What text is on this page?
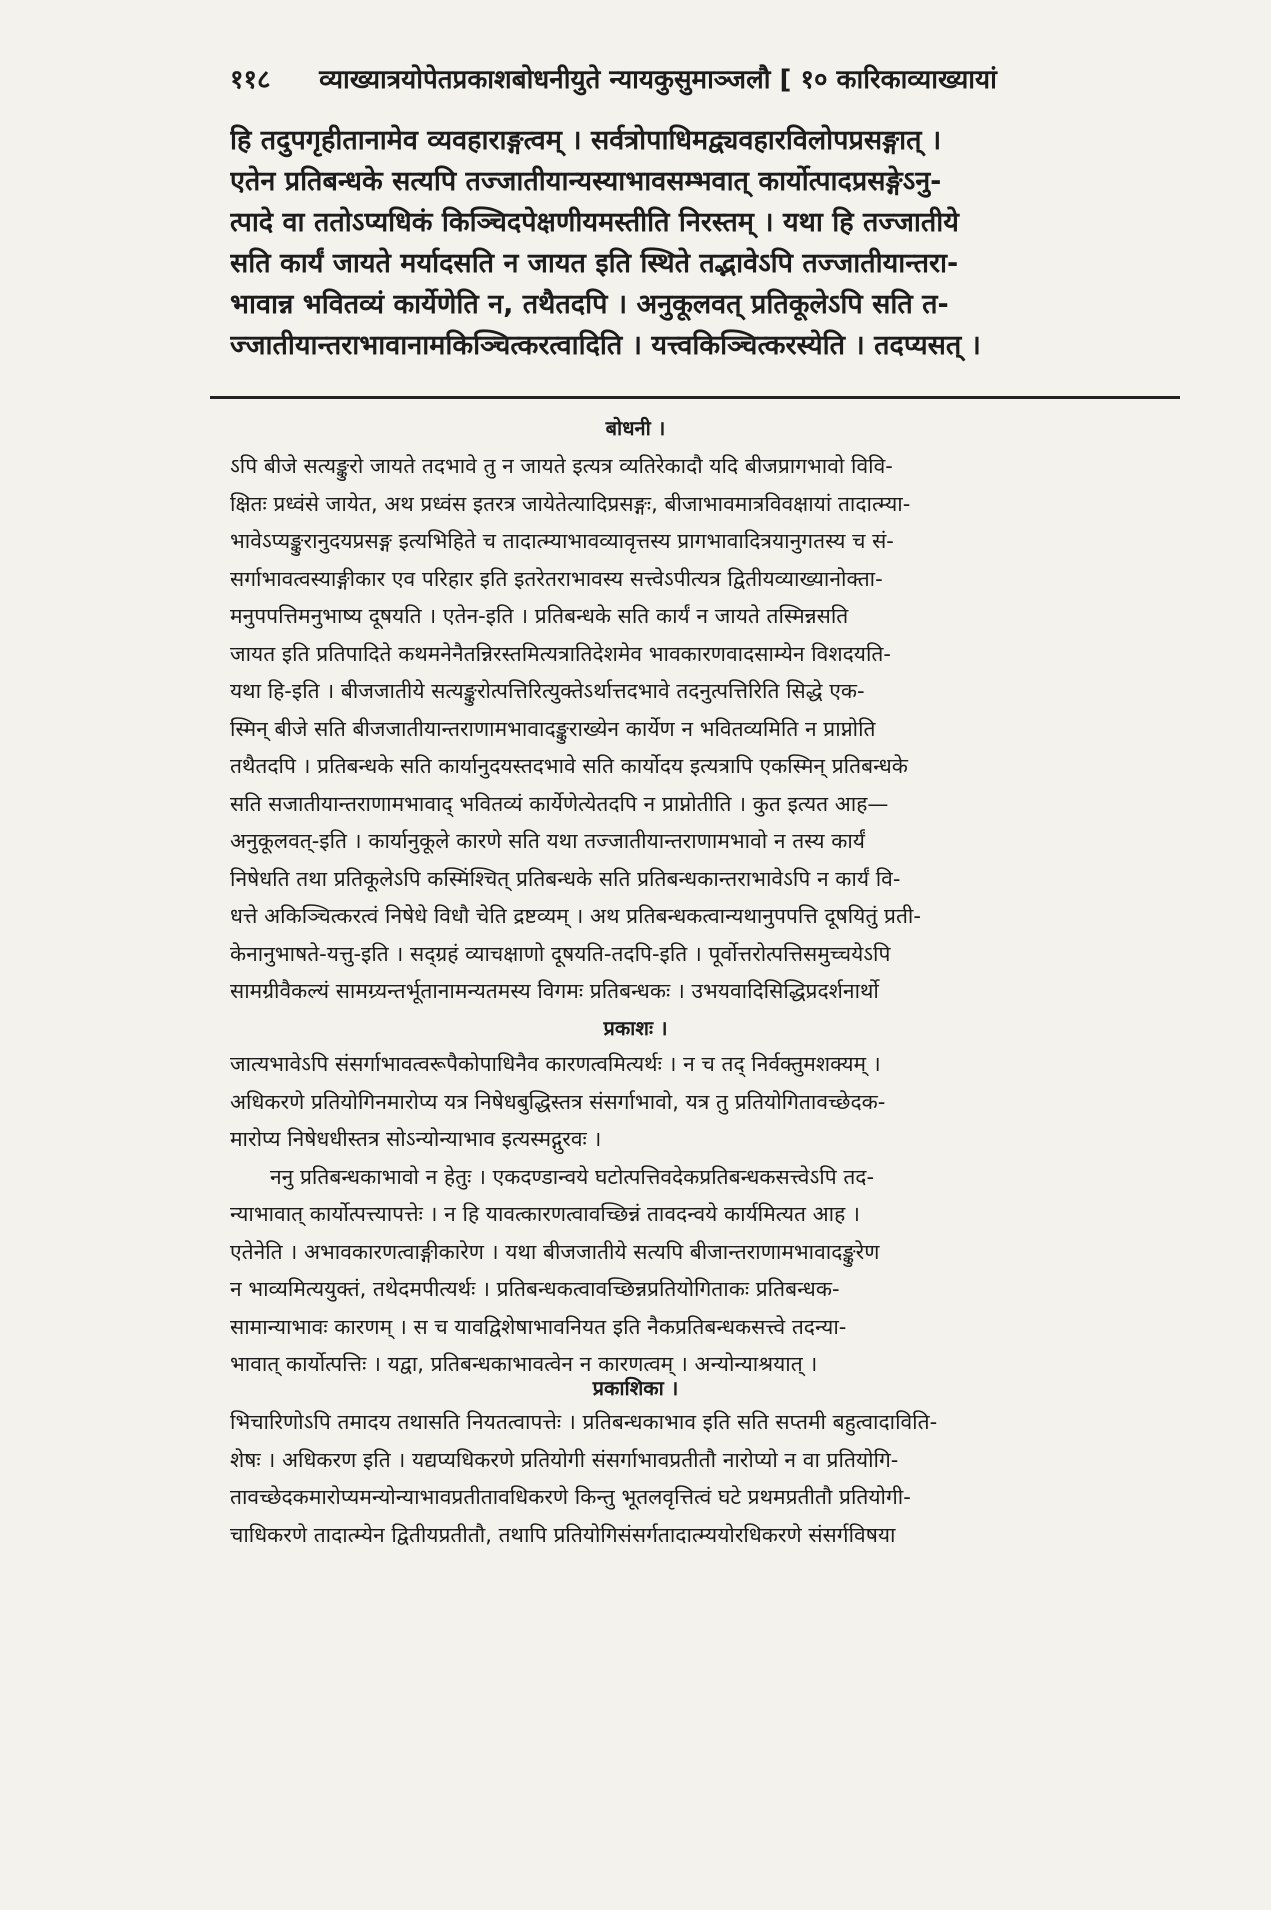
११८ व्याख्यात्रयोपेतप्रकाशबोधनीयुते न्यायकुसुमाञ्जलौ [ १० कारिकाव्याख्यायां

हि तदुपगृहीतानामेव व्यवहाराङ्गत्वम् । सर्वत्रोपाधिमद्व्यवहारविलोपप्रसङ्गात् ।

एतेन प्रतिबन्धके सत्यपि तज्जातीयान्यस्याभावसम्भवात् कार्योत्पादप्रसङ्गेऽनु-

त्पादे वा ततोऽप्यधिकं किञ्चिदपेक्षणीयमस्तीति निरस्तम् । यथा हि तज्जातीये

सति कार्यं जायते मर्यादसति न जायत इति स्थिते तद्भावेऽपि तज्जातीयान्तरा-

भावान्न भवितव्यं कार्येणेति न, तथैतदपि । अनुकूलवत् प्रतिकूलेऽपि सति त-

ज्जातीयान्तराभावानामकिञ्चित्करत्वादिति । यत्त्वकिञ्चित्करस्येति । तदप्यसत् ।

बोधनी ।

ऽपि बीजे सत्यङ्कुरो जायते तदभावे तु न जायते इत्यत्र व्यतिरेकादौ यदि बीजप्रागभावो विवि-

क्षितः प्रध्वंसे जायेत, अथ प्रध्वंस इतरत्र जायेतेत्यादिप्रसङ्गः, बीजाभावमात्रविवक्षायां तादात्म्या-

भावेऽप्यङ्कुरानुदयप्रसङ्ग इत्यभिहिते च तादात्म्याभावव्यावृत्तस्य प्रागभावादित्रयानुगतस्य च सं-

सर्गाभावत्वस्याङ्गीकार एव परिहार इति इतरेतराभावस्य सत्त्वेऽपीत्यत्र द्वितीयव्याख्यानोक्ता-

मनुपपत्तिमनुभाष्य दूषयति । एतेन-इति । प्रतिबन्धके सति कार्यं न जायते तस्मिन्नसति

जायत इति प्रतिपादिते कथमनेनैतन्निरस्तमित्यत्रातिदेशमेव भावकारणवादसाम्येन विशदयति-

यथा हि-इति । बीजजातीये सत्यङ्कुरोत्पत्तिरित्युक्तेऽर्थात्तदभावे तदनुत्पत्तिरिति सिद्धे एक-

स्मिन् बीजे सति बीजजातीयान्तराणामभावादङ्कुराख्येन कार्येण न भवितव्यमिति न प्राप्नोति

तथैतदपि । प्रतिबन्धके सति कार्यानुदयस्तदभावे सति कार्योदय इत्यत्रापि एकस्मिन् प्रतिबन्धके

सति सजातीयान्तराणामभावाद् भवितव्यं कार्येणेत्येतदपि न प्राप्नोतीति । कुत इत्यत आह—

अनुकूलवत्-इति । कार्यानुकूले कारणे सति यथा तज्जातीयान्तराणामभावो न तस्य कार्यं

निषेधति तथा प्रतिकूलेऽपि कस्मिंश्चित् प्रतिबन्धके सति प्रतिबन्धकान्तराभावेऽपि न कार्यं वि-

धत्ते अकिञ्चित्करत्वं निषेधे विधौ चेति द्रष्टव्यम् । अथ प्रतिबन्धकत्वान्यथानुपपत्ति दूषयितुं प्रती-

केनानुभाषते-यत्तु-इति । सद्ग्रहं व्याचक्षाणो दूषयति-तदपि-इति । पूर्वोत्तरोत्पत्तिसमुच्चयेऽपि

सामग्रीवैकल्यं सामग्र्यन्तर्भूतानामन्यतमस्य विगमः प्रतिबन्धकः । उभयवादिसिद्धिप्रदर्शनार्थो

प्रकाशः ।

जात्यभावेऽपि संसर्गाभावत्वरूपैकोपाधिनैव कारणत्वमित्यर्थः । न च तद् निर्वक्तुमशक्यम् ।

अधिकरणे प्रतियोगिनमारोप्य यत्र निषेधबुद्धिस्तत्र संसर्गाभावो, यत्र तु प्रतियोगितावच्छेदक-

मारोप्य निषेधधीस्तत्र सोऽन्योन्याभाव इत्यस्मद्गुरवः ।

ननु प्रतिबन्धकाभावो न हेतुः । एकदण्डान्वये घटोत्पत्तिवदेकप्रतिबन्धकसत्त्वेऽपि तद-

न्याभावात् कार्योत्पत्त्यापत्तेः । न हि यावत्कारणत्वावच्छिन्नं तावदन्वये कार्यमित्यत आह ।

एतेनेति । अभावकारणत्वाङ्गीकारेण । यथा बीजजातीये सत्यपि बीजान्तराणामभावादङ्कुरेण

न भाव्यमित्ययुक्तं, तथेदमपीत्यर्थः । प्रतिबन्धकत्वावच्छिन्नप्रतियोगिताकः प्रतिबन्धक-

सामान्याभावः कारणम् । स च यावद्विशेषाभावनियत इति नैकप्रतिबन्धकसत्त्वे तदन्या-

भावात् कार्योत्पत्तिः । यद्वा, प्रतिबन्धकाभावत्वेन न कारणत्वम् । अन्योन्याश्रयात् ।

प्रकाशिका ।

भिचारिणोऽपि तमादय तथासति नियतत्वापत्तेः । प्रतिबन्धकाभाव इति सति सप्तमी बहुत्वादाविति-

शेषः । अधिकरण इति । यद्यप्यधिकरणे प्रतियोगी संसर्गाभावप्रतीतौ नारोप्यो न वा प्रतियोगि-

तावच्छेदकमारोप्यमन्योन्याभावप्रतीतावधिकरणे किन्तु भूतलवृत्तित्वं घटे प्रथमप्रतीतौ प्रतियोगी-

चाधिकरणे तादात्म्येन द्वितीयप्रतीतौ, तथापि प्रतियोगिसंसर्गतादात्म्ययोरधिकरणे संसर्गविषया
